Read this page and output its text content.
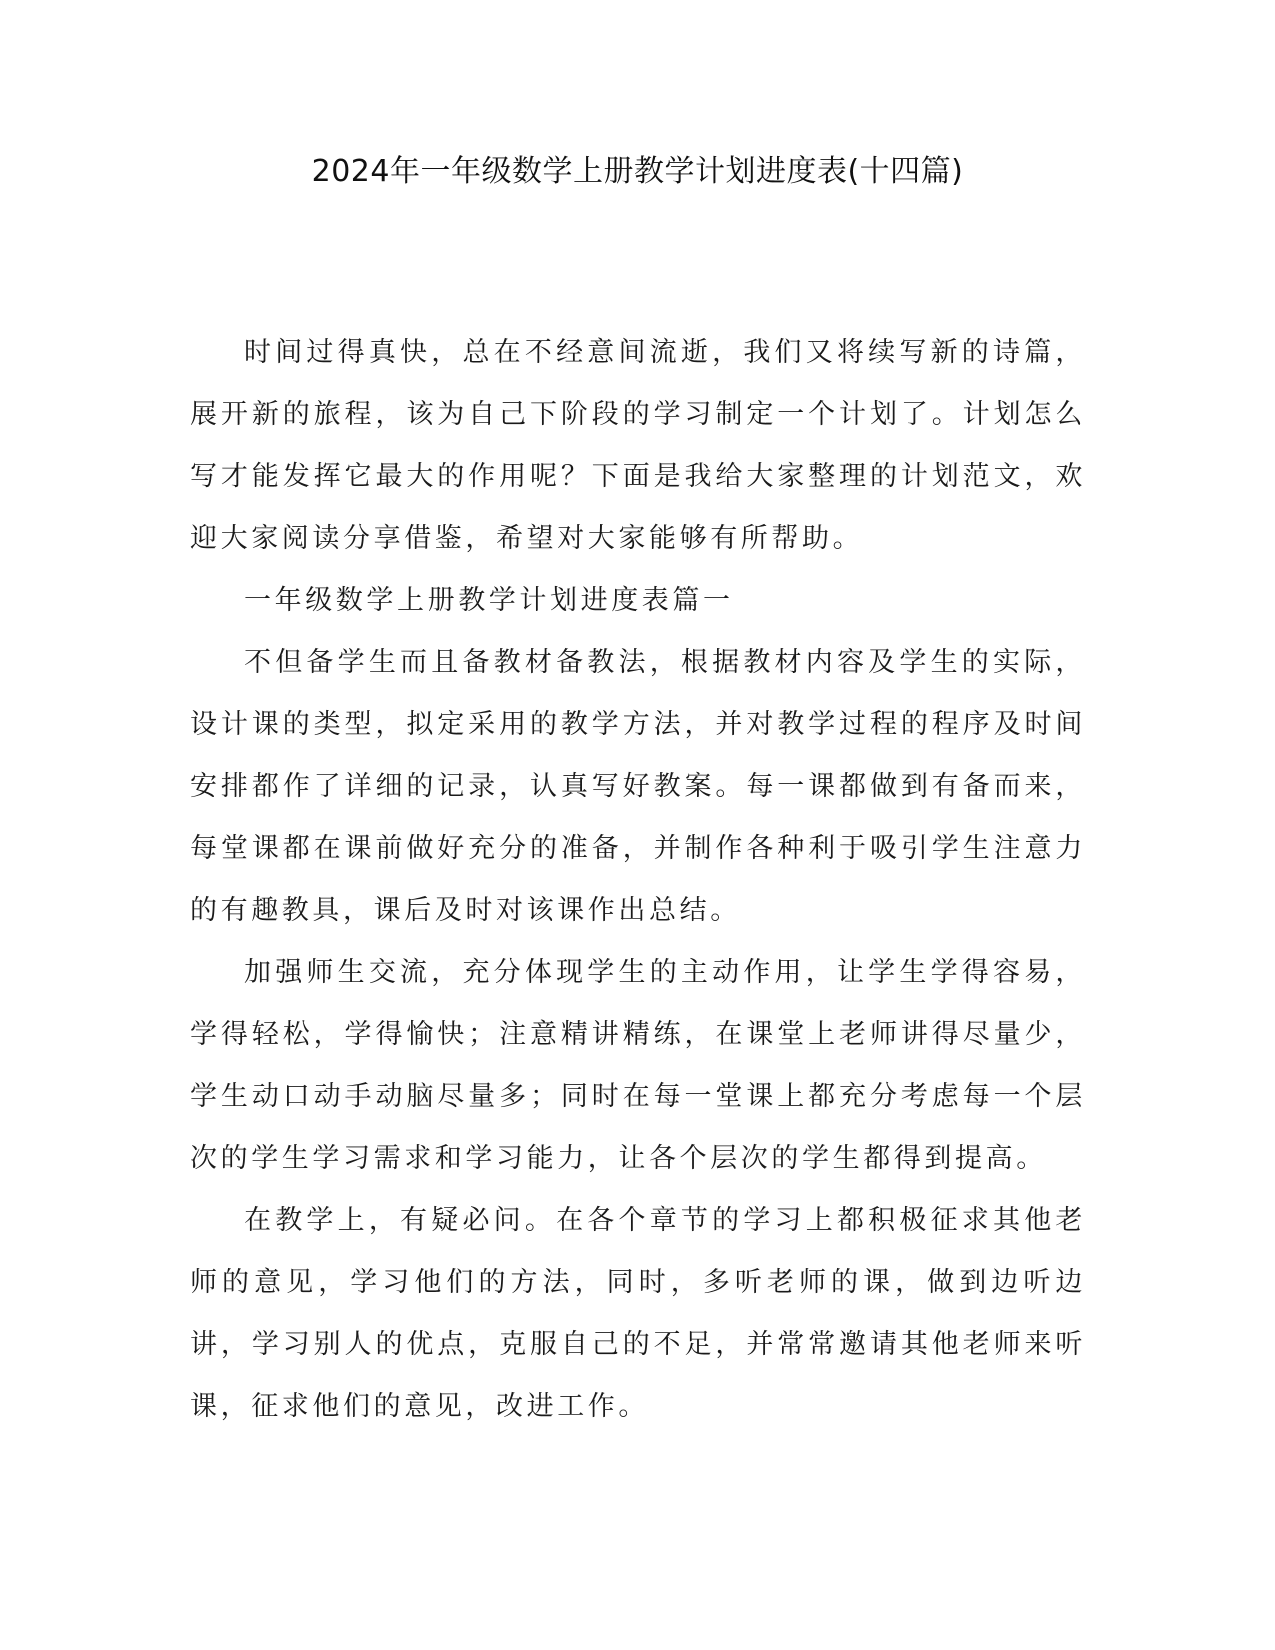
2024年一年级数学上册教学计划进度表(十四篇)

时间过得真快，总在不经意间流逝，我们又将续写新的诗篇，展开新的旅程，该为自己下阶段的学习制定一个计划了。计划怎么写才能发挥它最大的作用呢？下面是我给大家整理的计划范文，欢迎大家阅读分享借鉴，希望对大家能够有所帮助。

一年级数学上册教学计划进度表篇一

不但备学生而且备教材备教法，根据教材内容及学生的实际，设计课的类型，拟定采用的教学方法，并对教学过程的程序及时间安排都作了详细的记录，认真写好教案。每一课都做到有备而来，每堂课都在课前做好充分的准备，并制作各种利于吸引学生注意力的有趣教具，课后及时对该课作出总结。

加强师生交流，充分体现学生的主动作用，让学生学得容易，学得轻松，学得愉快；注意精讲精练，在课堂上老师讲得尽量少，学生动口动手动脑尽量多；同时在每一堂课上都充分考虑每一个层次的学生学习需求和学习能力，让各个层次的学生都得到提高。

在教学上，有疑必问。在各个章节的学习上都积极征求其他老师的意见，学习他们的方法，同时，多听老师的课，做到边听边讲，学习别人的优点，克服自己的不足，并常常邀请其他老师来听课，征求他们的意见，改进工作。
